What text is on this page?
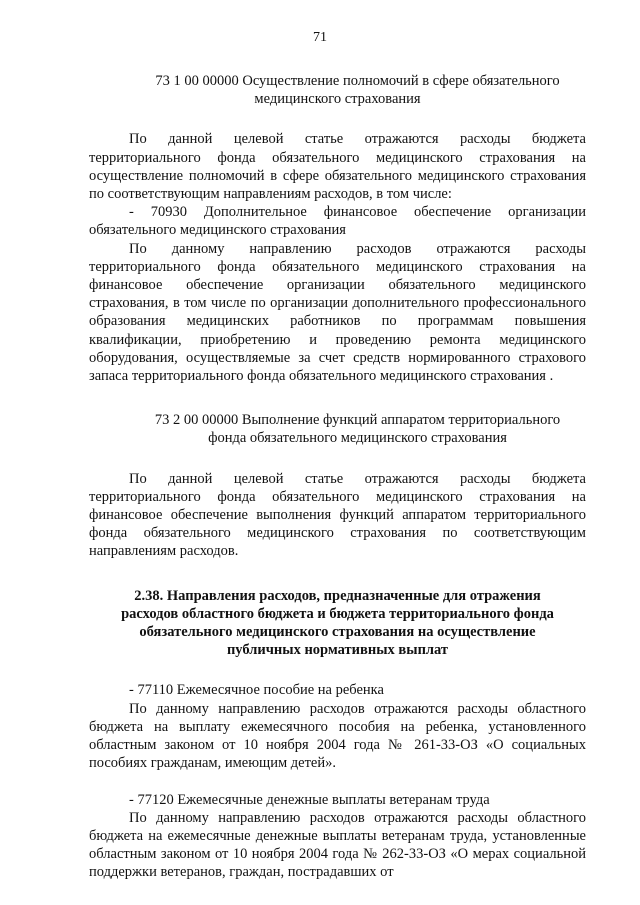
71

73 1 00 00000 Осуществление полномочий в сфере обязательного

медицинского страхования

По данной целевой статье отражаются расходы бюджета территориального фонда обязательного медицинского страхования на осуществление полномочий в сфере обязательного медицинского страхования по соответствующим направлениям расходов, в том числе:

- 70930 Дополнительное финансовое обеспечение организации обязательного медицинского страхования

По данному направлению расходов отражаются расходы территориального фонда обязательного медицинского страхования на финансовое обеспечение организации обязательного медицинского страхования, в том числе по организации дополнительного профессионального образования медицинских работников по программам повышения квалификации, приобретению и проведению ремонта медицинского оборудования, осуществляемые за счет средств нормированного страхового запаса территориального фонда обязательного медицинского страхования .

73 2 00 00000 Выполнение функций аппаратом территориального

фонда обязательного медицинского страхования

По данной целевой статье отражаются расходы бюджета территориального фонда обязательного медицинского страхования на финансовое обеспечение выполнения функций аппаратом территориального фонда обязательного медицинского страхования по соответствующим направлениям расходов.

2.38. Направления расходов, предназначенные для отражения

расходов областного бюджета и бюджета территориального фонда

обязательного медицинского страхования на осуществление

публичных нормативных выплат

- 77110 Ежемесячное пособие на ребенка

По данному направлению расходов отражаются расходы областного бюджета на выплату ежемесячного пособия на ребенка, установленного областным законом от 10 ноября 2004 года № 261-33-ОЗ «О социальных пособиях гражданам, имеющим детей».

- 77120 Ежемесячные денежные выплаты ветеранам труда

По данному направлению расходов отражаются расходы областного бюджета на ежемесячные денежные выплаты ветеранам труда, установленные областным законом от 10 ноября 2004 года № 262-33-ОЗ «О мерах социальной поддержки ветеранов, граждан, пострадавших от
